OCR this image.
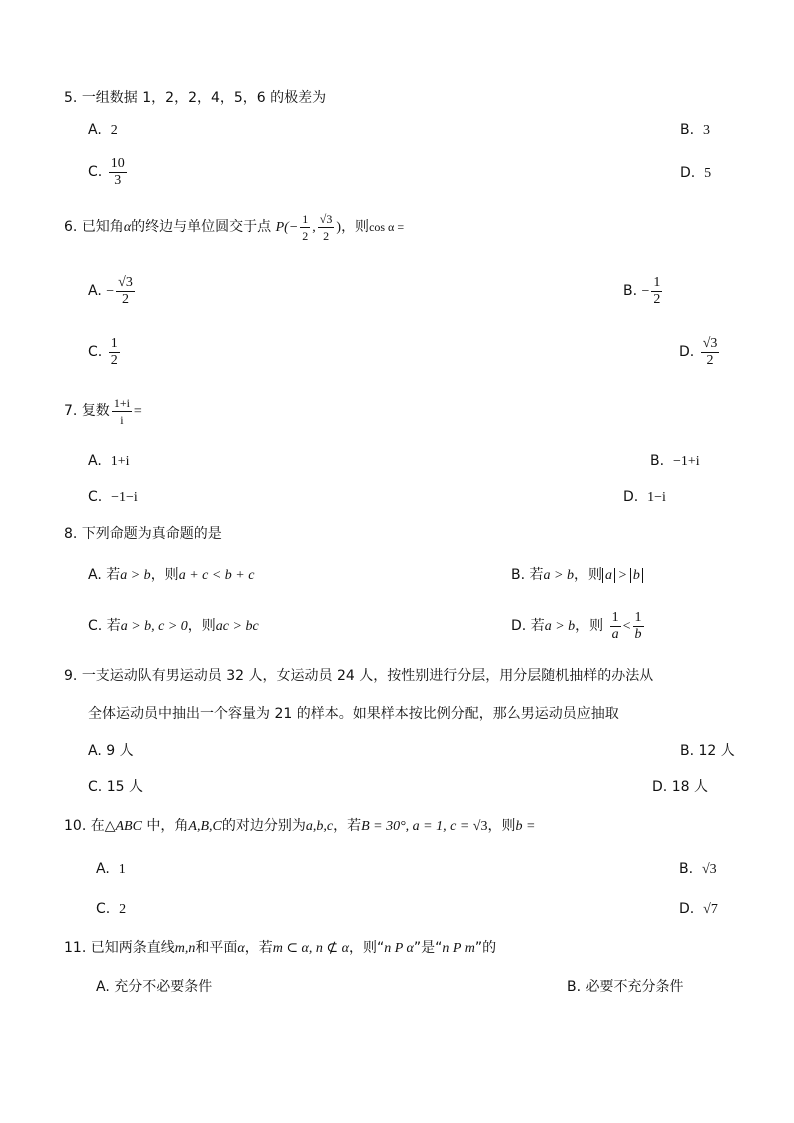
5. 一组数据 1，2，2，4，5，6 的极差为
A. 2	B. 3
C. $\frac{10}{3}$	D. 5
6. 已知角α的终边与单位圆交于点 $P(- \frac{1}{2}$ , $\frac{√3}{2}$ )，则cos α =
A. − $\frac{√3}{2}$	B. − $\frac{1}{2}$
C. $\frac{1}{2}$	D. $\frac{√3}{2}$
7. 复数 $\frac{1+i}{i}$ =
A. 1+i	B. −1+i
C. −1−i	D. 1−i
8. 下列命题为真命题的是
A. 若a > b，则a + c < b + c	B. 若a > b，则 a > b
C. 若a > b, c > 0，则ac > bc	D. 若a > b，则 $\frac{1}{a} < \frac{1}{b}$
9. 一支运动队有男运动员 32 人，女运动员 24 人，按性别进行分层，用分层随机抽样的办法从
全体运动员中抽出一个容量为 21 的样本。如果样本按比例分配，那么男运动员应抽取
A. 9 人	B. 12 人
C. 15 人	D. 18 人
10. 在△ABC 中，角A,B,C的对边分别为a,b,c，若B = 30°, a = 1, c = √3，则b =
A. 1	B. √3
C. 2	D. √7
11. 已知两条直线m,n和平面α，若m ⊂ α, n ⊄ α，则“n P α”是“n P m”的
A. 充分不必要条件	B. 必要不充分条件
